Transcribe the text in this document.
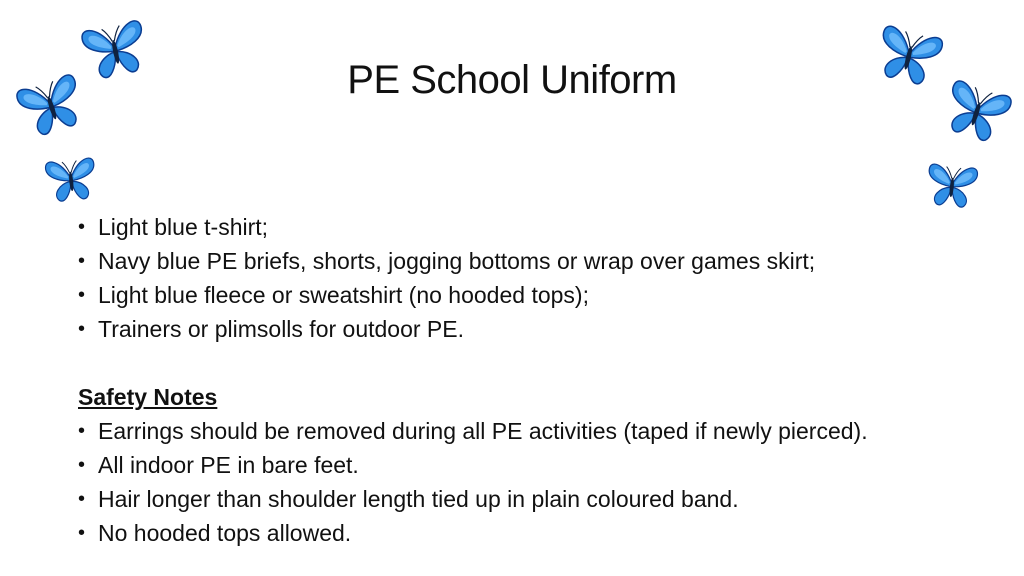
PE School Uniform
• Light blue t-shirt;
• Navy blue PE briefs, shorts, jogging bottoms or wrap over games skirt;
• Light blue fleece or sweatshirt (no hooded tops);
• Trainers or plimsolls for outdoor PE.
Safety Notes
• Earrings should be removed during all PE activities (taped if newly pierced).
• All indoor PE in bare feet.
• Hair longer than shoulder length tied up in plain coloured band.
• No hooded tops allowed.
